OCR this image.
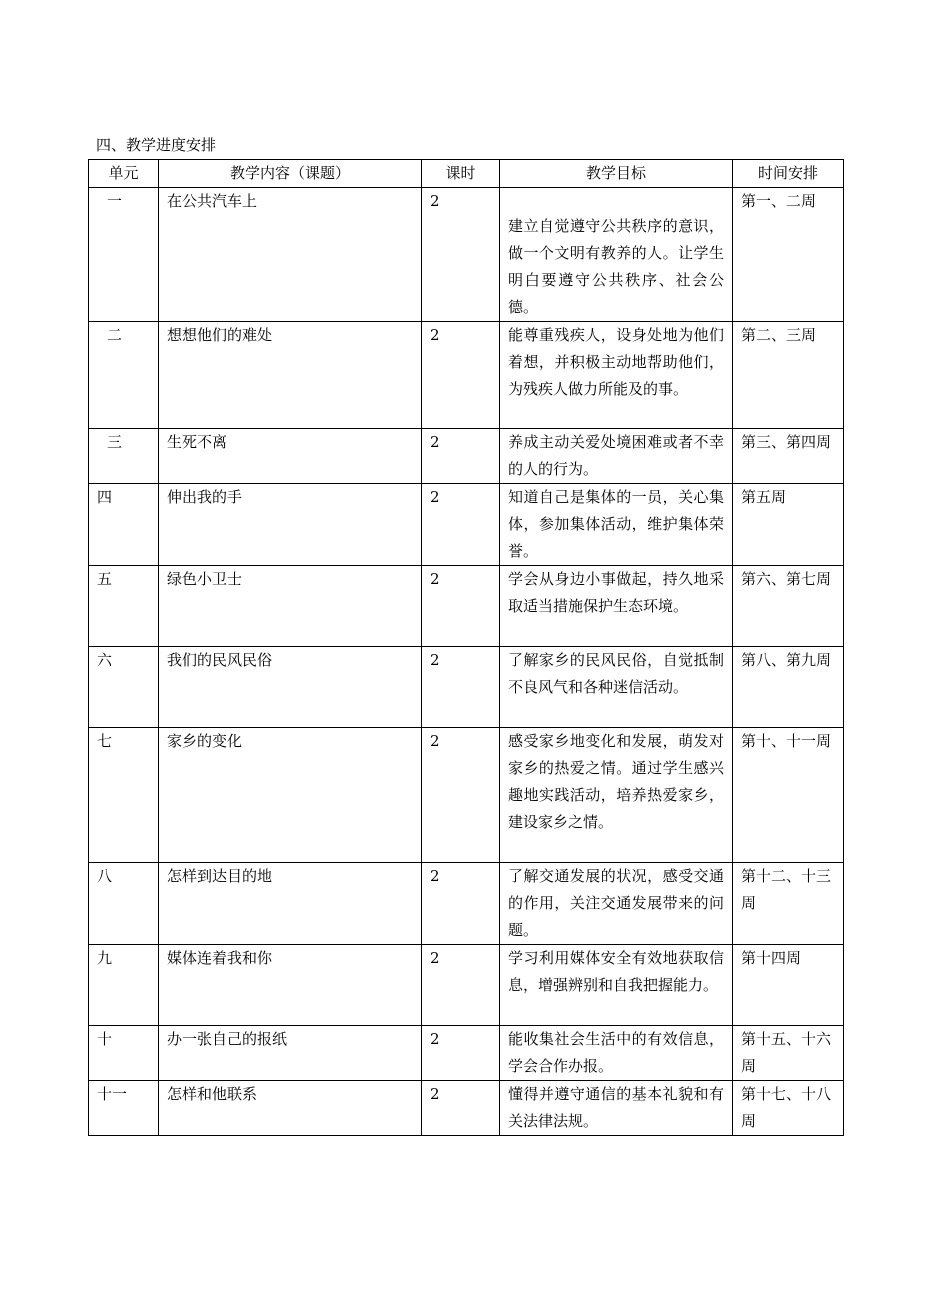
四、教学进度安排
单元	教学内容（课题）	课时	教学目标	时间安排
一	在公共汽车上	2	建立自觉遵守公共秩序的意识，做一个文明有教养的人。让学生明白要遵守公共秩序、社会公德。	第一、二周
二	想想他们的难处	2	能尊重残疾人，设身处地为他们着想，并积极主动地帮助他们，为残疾人做力所能及的事。	第二、三周
三	生死不离	2	养成主动关爱处境困难或者不幸的人的行为。	第三、第四周
四	伸出我的手	2	知道自己是集体的一员，关心集体，参加集体活动，维护集体荣誉。	第五周
五	绿色小卫士	2	学会从身边小事做起，持久地采取适当措施保护生态环境。	第六、第七周
六	我们的民风民俗	2	了解家乡的民风民俗，自觉抵制不良风气和各种迷信活动。	第八、第九周
七	家乡的变化	2	感受家乡地变化和发展，萌发对家乡的热爱之情。通过学生感兴趣地实践活动，培养热爱家乡，建设家乡之情。	第十、十一周
八	怎样到达目的地	2	了解交通发展的状况，感受交通的作用，关注交通发展带来的问题。	第十二、十三周
九	媒体连着我和你	2	学习利用媒体安全有效地获取信息，增强辨别和自我把握能力。	第十四周
十	办一张自己的报纸	2	能收集社会生活中的有效信息，学会合作办报。	第十五、十六周
十一	怎样和他联系	2	懂得并遵守通信的基本礼貌和有关法律法规。	第十七、十八周
